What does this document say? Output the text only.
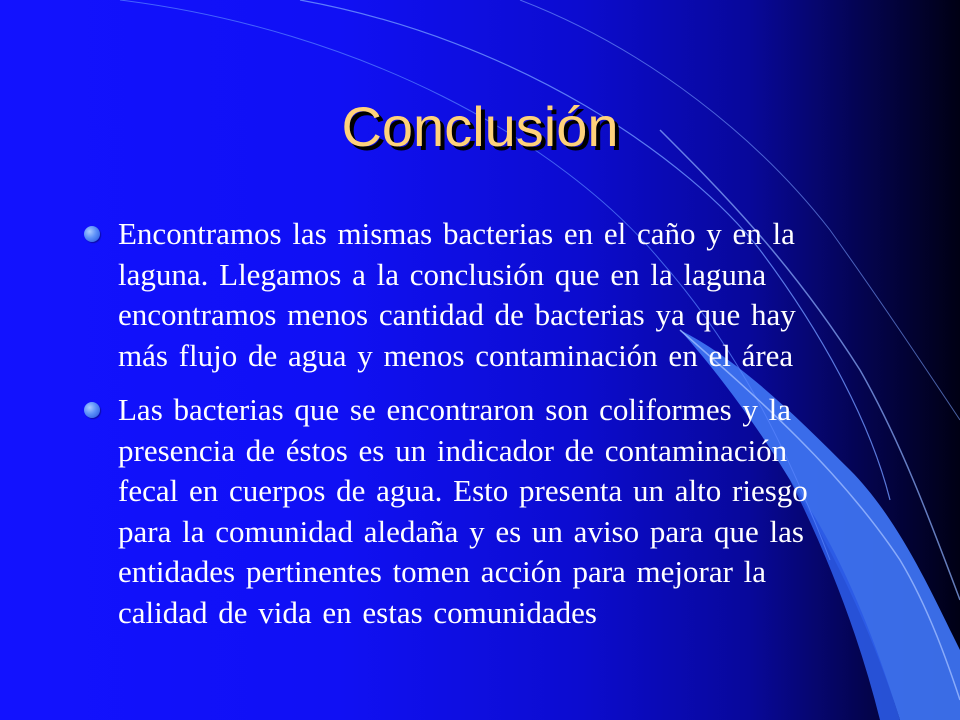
Conclusión
Encontramos las mismas bacterias en el caño y en la laguna. Llegamos a la conclusión que en la laguna encontramos menos cantidad de bacterias ya que hay más flujo de agua y menos contaminación en el área
Las bacterias que se encontraron son coliformes y la presencia de éstos es un indicador de contaminación fecal en cuerpos de agua. Esto presenta un alto riesgo para la comunidad aledaña y es un aviso para que las entidades pertinentes tomen acción para mejorar la calidad de vida en estas comunidades
